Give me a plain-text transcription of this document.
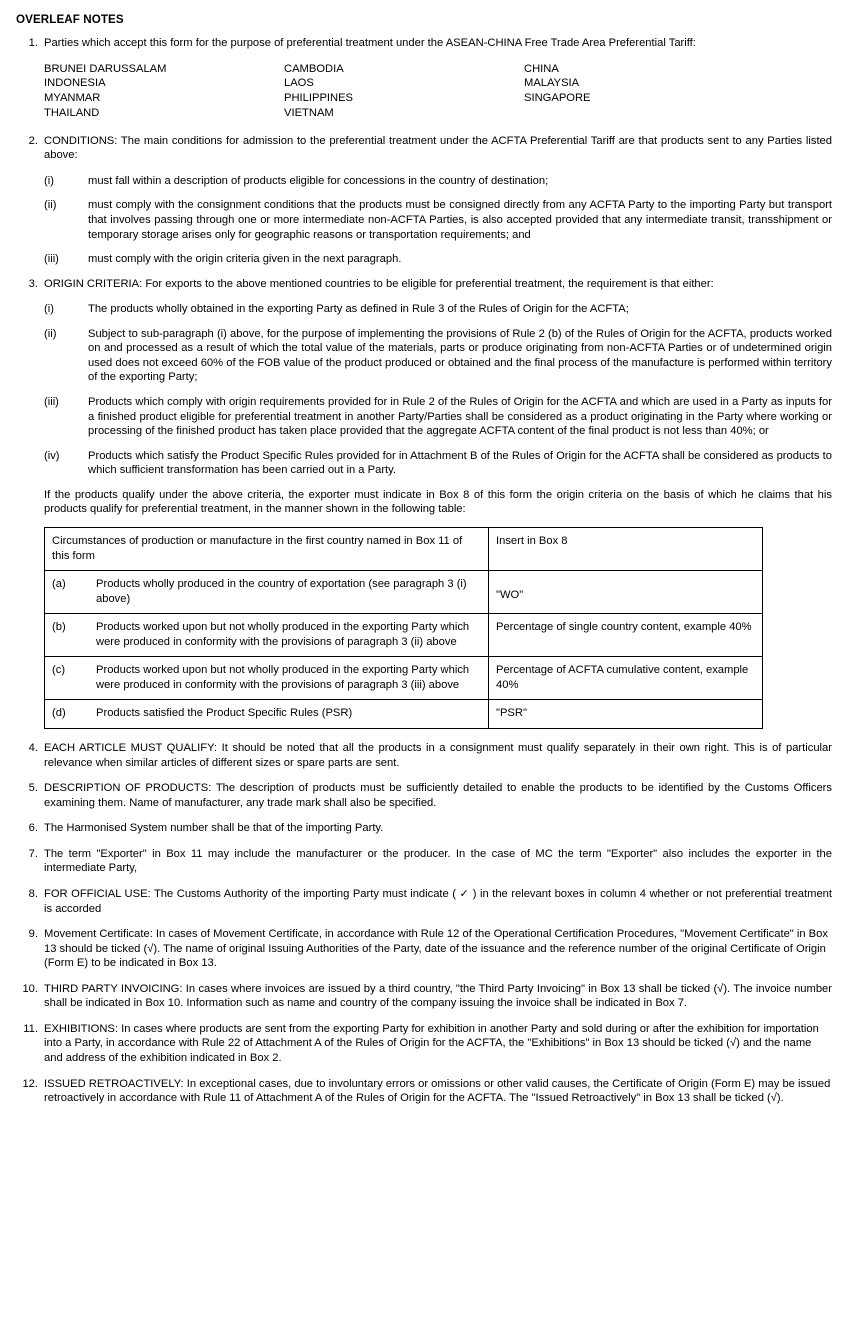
OVERLEAF NOTES
1. Parties which accept this form for the purpose of preferential treatment under the ASEAN-CHINA Free Trade Area Preferential Tariff:
BRUNEI DARUSSALAM	CAMBODIA	CHINA
INDONESIA	LAOS	MALAYSIA
MYANMAR	PHILIPPINES	SINGAPORE
THAILAND	VIETNAM
2. CONDITIONS: The main conditions for admission to the preferential treatment under the ACFTA Preferential Tariff are that products sent to any Parties listed above:
(i)	must fall within a description of products eligible for concessions in the country of destination;
(ii)	must comply with the consignment conditions that the products must be consigned directly from any ACFTA Party to the importing Party but transport that involves passing through one or more intermediate non-ACFTA Parties, is also accepted provided that any intermediate transit, transshipment or temporary storage arises only for geographic reasons or transportation requirements; and
(iii)	must comply with the origin criteria given in the next paragraph.
3. ORIGIN CRITERIA: For exports to the above mentioned countries to be eligible for preferential treatment, the requirement is that either:
(i)	The products wholly obtained in the exporting Party as defined in Rule 3 of the Rules of Origin for the ACFTA;
(ii)	Subject to sub-paragraph (i) above, for the purpose of implementing the provisions of Rule 2 (b) of the Rules of Origin for the ACFTA, products worked on and processed as a result of which the total value of the materials, parts or produce originating from non-ACFTA Parties or of undetermined origin used does not exceed 60% of the FOB value of the product produced or obtained and the final process of the manufacture is performed within territory of the exporting Party;
(iii)	Products which comply with origin requirements provided for in Rule 2 of the Rules of Origin for the ACFTA and which are used in a Party as inputs for a finished product eligible for preferential treatment in another Party/Parties shall be considered as a product originating in the Party where working or processing of the finished product has taken place provided that the aggregate ACFTA content of the final product is not less than 40%; or
(iv)	Products which satisfy the Product Specific Rules provided for in Attachment B of the Rules of Origin for the ACFTA shall be considered as products to which sufficient transformation has been carried out in a Party.
If the products qualify under the above criteria, the exporter must indicate in Box 8 of this form the origin criteria on the basis of which he claims that his products qualify for preferential treatment, in the manner shown in the following table:
Circumstances of production or manufacture in the first country named in Box 11 of this form	Insert in Box 8

(a) Products wholly produced in the country of exportation (see paragraph 3 (i) above)	"WO"

(b) Products worked upon but not wholly produced in the exporting Party which were produced in conformity with the provisions of paragraph 3 (ii) above	Percentage of single country content, example 40%

(c) Products worked upon but not wholly produced in the exporting Party which were produced in conformity with the provisions of paragraph 3 (iii) above	Percentage of ACFTA cumulative content, example 40%

(d) Products satisfied the Product Specific Rules (PSR)	"PSR"
4. EACH ARTICLE MUST QUALIFY: It should be noted that all the products in a consignment must qualify separately in their own right. This is of particular relevance when similar articles of different sizes or spare parts are sent.
5. DESCRIPTION OF PRODUCTS: The description of products must be sufficiently detailed to enable the products to be identified by the Customs Officers examining them. Name of manufacturer, any trade mark shall also be specified.
6. The Harmonised System number shall be that of the importing Party.
7. The term "Exporter" in Box 11 may include the manufacturer or the producer. In the case of MC the term "Exporter" also includes the exporter in the intermediate Party,
8. FOR OFFICIAL USE: The Customs Authority of the importing Party must indicate ( ✓ ) in the relevant boxes in column 4 whether or not preferential treatment is accorded
9. Movement Certificate: In cases of Movement Certificate, in accordance with Rule 12 of the Operational Certification Procedures, "Movement Certificate" in Box 13 should be ticked (√). The name of original Issuing Authorities of the Party, date of the issuance and the reference number of the original Certificate of Origin (Form E) to be indicated in Box 13.
10. THIRD PARTY INVOICING: In cases where invoices are issued by a third country, "the Third Party Invoicing" in Box 13 shall be ticked (√). The invoice number shall be indicated in Box 10. Information such as name and country of the company issuing the invoice shall be indicated in Box 7.
11. EXHIBITIONS: In cases where products are sent from the exporting Party for exhibition in another Party and sold during or after the exhibition for importation into a Party, in accordance with Rule 22 of Attachment A of the Rules of Origin for the ACFTA, the "Exhibitions" in Box 13 should be ticked (√) and the name and address of the exhibition indicated in Box 2.
12. ISSUED RETROACTIVELY: In exceptional cases, due to involuntary errors or omissions or other valid causes, the Certificate of Origin (Form E) may be issued retroactively in accordance with Rule 11 of Attachment A of the Rules of Origin for the ACFTA. The "Issued Retroactively" in Box 13 shall be ticked (√).
